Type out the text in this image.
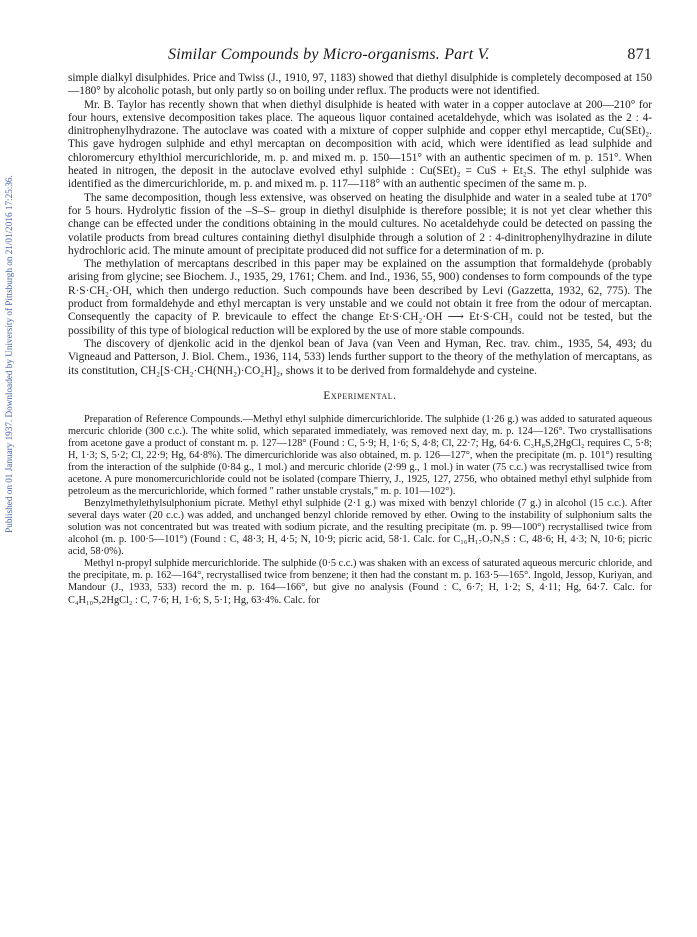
Published on 01 January 1937. Downloaded by University of Pittsburgh on 21/01/2016 17:25:36.
Similar Compounds by Micro-organisms. Part V.	871

simple dialkyl disulphides. Price and Twiss (J., 1910, 97, 1183) showed that diethyl disulphide is completely decomposed at 150—180° by alcoholic potash, but only partly so on boiling under reflux. The products were not identified.

Mr. B. Taylor has recently shown that when diethyl disulphide is heated with water in a copper autoclave at 200—210° for four hours, extensive decomposition takes place. The aqueous liquor contained acetaldehyde, which was isolated as the 2 : 4-dinitrophenylhydrazone. The autoclave was coated with a mixture of copper sulphide and copper ethyl mercaptide, Cu(SEt)₂. This gave hydrogen sulphide and ethyl mercaptan on decomposition with acid, which were identified as lead sulphide and chloromercury ethylthiol mercurichloride, m. p. and mixed m. p. 150—151° with an authentic specimen of m. p. 151°. When heated in nitrogen, the deposit in the autoclave evolved ethyl sulphide : Cu(SEt)₂ = CuS + Et₂S. The ethyl sulphide was identified as the dimercurichloride, m. p. and mixed m. p. 117—118° with an authentic specimen of the same m. p.

The same decomposition, though less extensive, was observed on heating the disulphide and water in a sealed tube at 170° for 5 hours. Hydrolytic fission of the –S–S– group in diethyl disulphide is therefore possible; it is not yet clear whether this change can be effected under the conditions obtaining in the mould cultures. No acetaldehyde could be detected on passing the volatile products from bread cultures containing diethyl disulphide through a solution of 2 : 4-dinitrophenylhydrazine in dilute hydrochloric acid. The minute amount of precipitate produced did not suffice for a determination of m. p.

The methylation of mercaptans described in this paper may be explained on the assumption that formaldehyde (probably arising from glycine; see Biochem. J., 1935, 29, 1761; Chem. and Ind., 1936, 55, 900) condenses to form compounds of the type R·S·CH₂·OH, which then undergo reduction. Such compounds have been described by Levi (Gazzetta, 1932, 62, 775). The product from formaldehyde and ethyl mercaptan is very unstable and we could not obtain it free from the odour of mercaptan. Consequently the capacity of P. brevicaule to effect the change Et·S·CH₂·OH ⟶ Et·S·CH₃ could not be tested, but the possibility of this type of biological reduction will be explored by the use of more stable compounds.

The discovery of djenkolic acid in the djenkol bean of Java (van Veen and Hyman, Rec. trav. chim., 1935, 54, 493; du Vigneaud and Patterson, J. Biol. Chem., 1936, 114, 533) lends further support to the theory of the methylation of mercaptans, as its constitution, CH₂[S·CH₂·CH(NH₂)·CO₂H]₂, shows it to be derived from formaldehyde and cysteine.

Experimental.

Preparation of Reference Compounds.—Methyl ethyl sulphide dimercurichloride. The sulphide (1·26 g.) was added to saturated aqueous mercuric chloride (300 c.c.). The white solid, which separated immediately, was removed next day, m. p. 124—126°. Two crystallisations from acetone gave a product of constant m. p. 127—128° (Found : C, 5·9; H, 1·6; S, 4·8; Cl, 22·7; Hg, 64·6. C₃H₈S,2HgCl₂ requires C, 5·8; H, 1·3; S, 5·2; Cl, 22·9; Hg, 64·8%). The dimercurichloride was also obtained, m. p. 126—127°, when the precipitate (m. p. 101°) resulting from the interaction of the sulphide (0·84 g., 1 mol.) and mercuric chloride (2·99 g., 1 mol.) in water (75 c.c.) was recrystallised twice from acetone. A pure monomercurichloride could not be isolated (compare Thierry, J., 1925, 127, 2756, who obtained methyl ethyl sulphide from petroleum as the mercurichloride, which formed " rather unstable crystals," m. p. 101—102°).

Benzylmethylethylsulphonium picrate. Methyl ethyl sulphide (2·1 g.) was mixed with benzyl chloride (7 g.) in alcohol (15 c.c.). After several days water (20 c.c.) was added, and unchanged benzyl chloride removed by ether. Owing to the instability of sulphonium salts the solution was not concentrated but was treated with sodium picrate, and the resulting precipitate (m. p. 99—100°) recrystallised twice from alcohol (m. p. 100·5—101°) (Found : C, 48·3; H, 4·5; N, 10·9; picric acid, 58·1. Calc. for C₁₆H₁₇O₇N₃S : C, 48·6; H, 4·3; N, 10·6; picric acid, 58·0%).

Methyl n-propyl sulphide mercurichloride. The sulphide (0·5 c.c.) was shaken with an excess of saturated aqueous mercuric chloride, and the precipitate, m. p. 162—164°, recrystallised twice from benzene; it then had the constant m. p. 163·5—165°. Ingold, Jessop, Kuriyan, and Mandour (J., 1933, 533) record the m. p. 164—166°, but give no analysis (Found : C, 6·7; H, 1·2; S, 4·11; Hg, 64·7. Calc. for C₄H₁₀S,2HgCl₂ : C, 7·6; H, 1·6; S, 5·1; Hg, 63·4%. Calc. for
